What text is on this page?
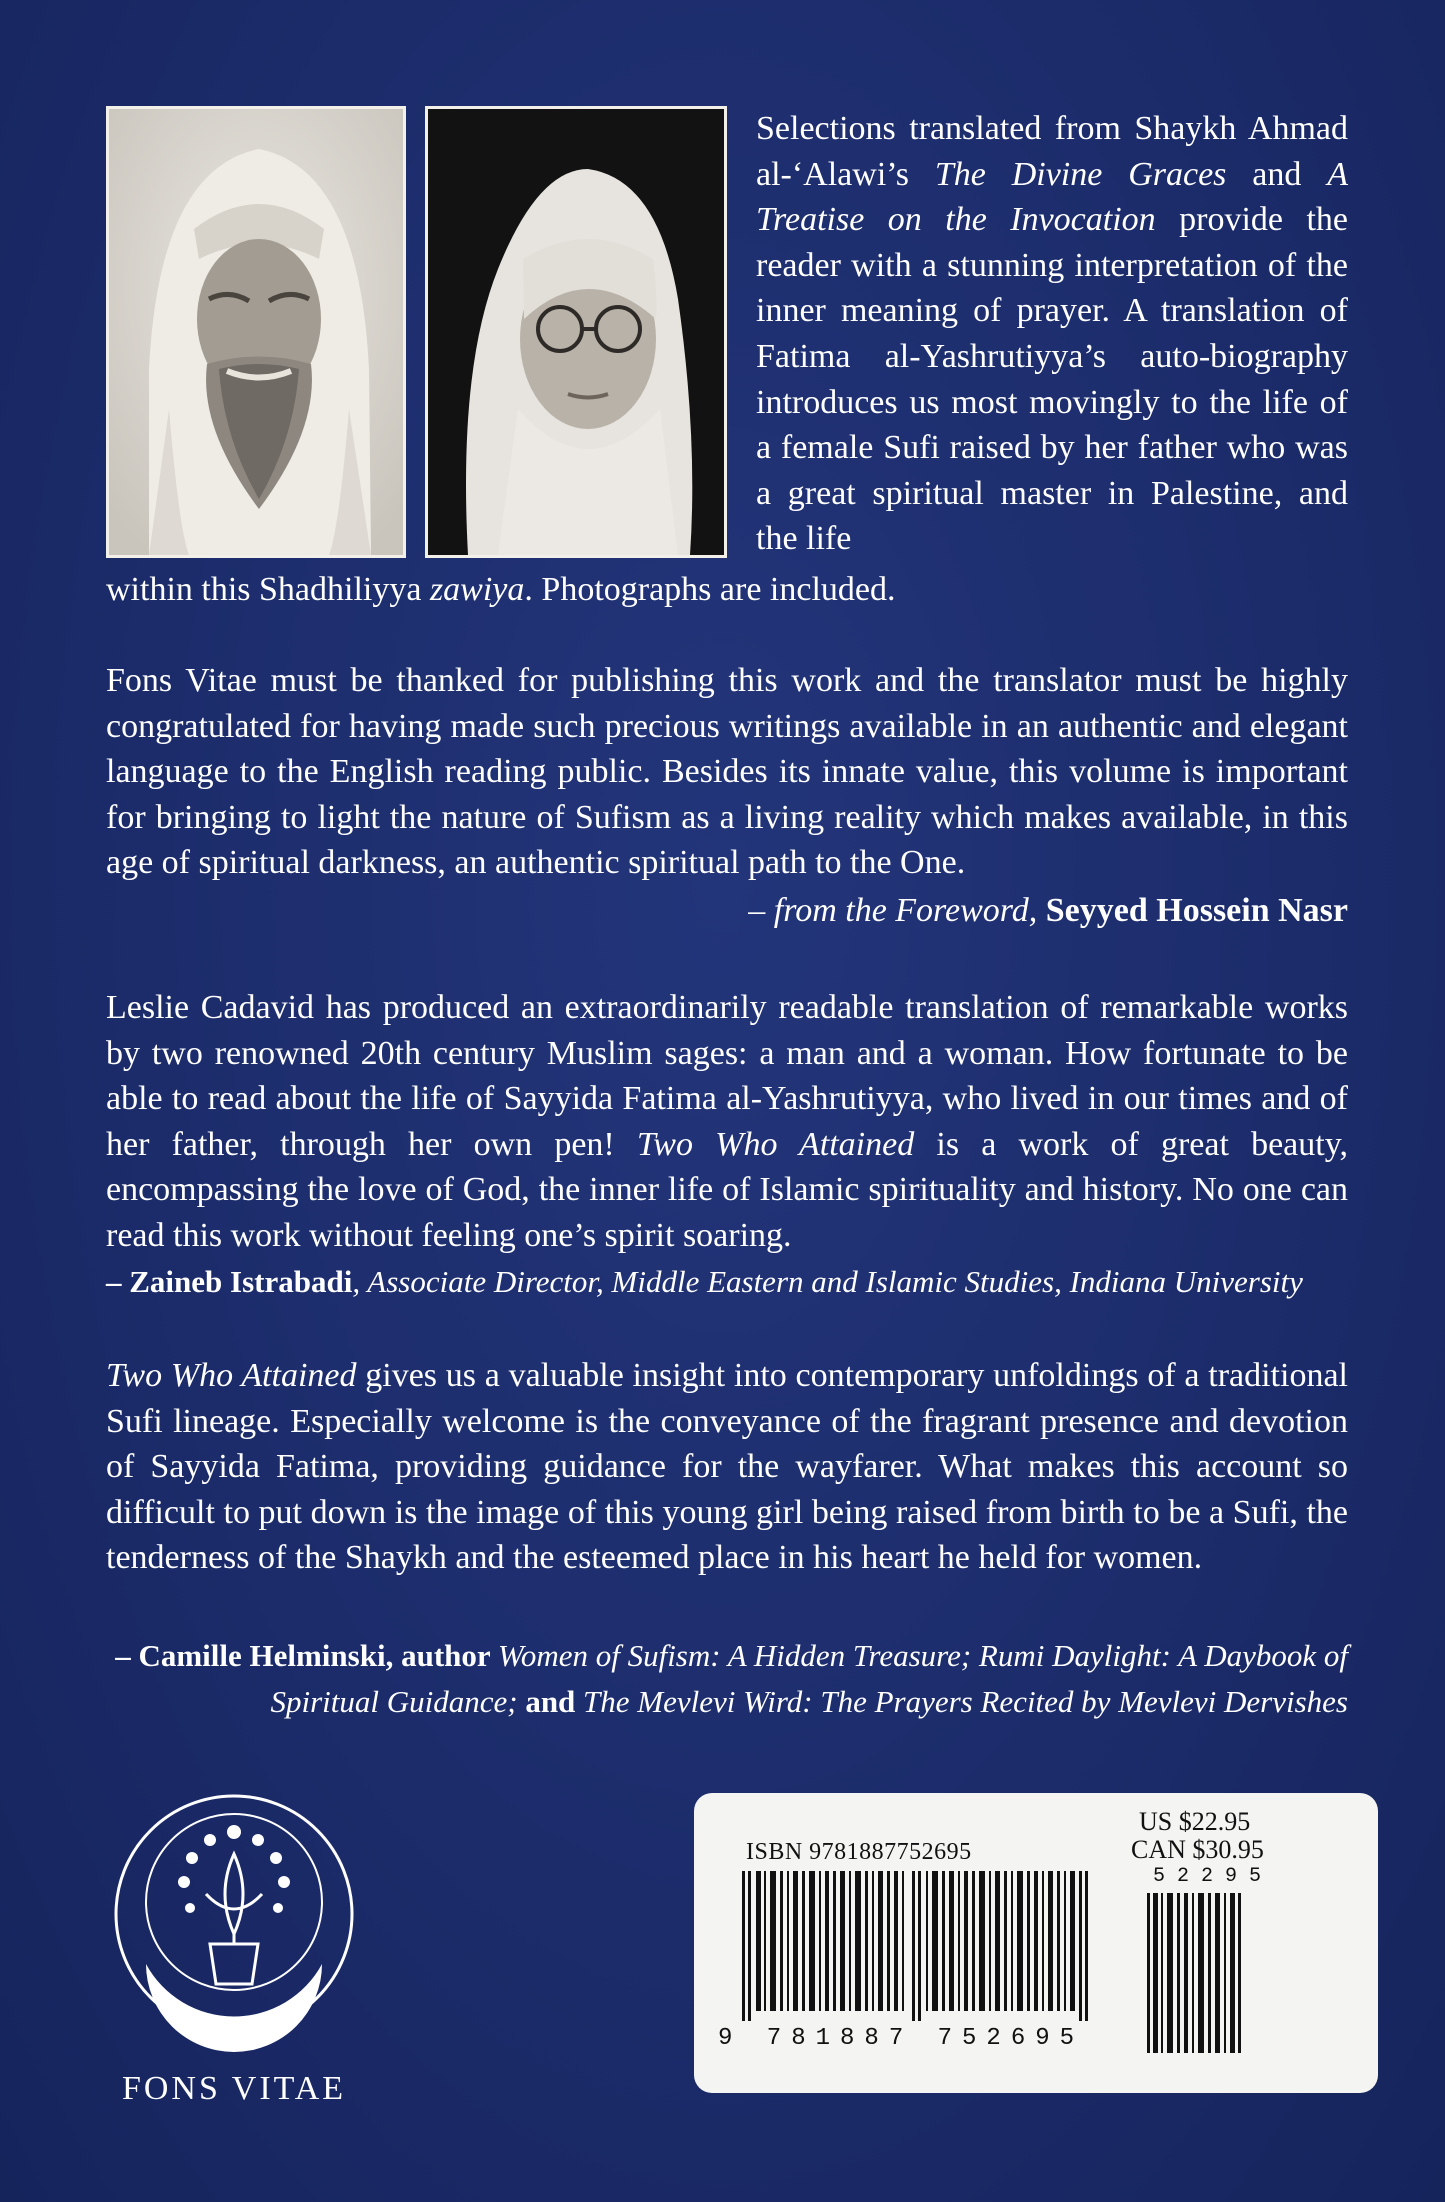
Selections translated from Shaykh Ahmad al-‘Alawi’s The Divine Graces and A Treatise on the Invocation provide the reader with a stunning interpretation of the inner meaning of prayer. A translation of Fatima al-Yashrutiyya’s auto-biography introduces us most movingly to the life of a female Sufi raised by her father who was a great spiritual master in Palestine, and the life
within this Shadhiliyya zawiya. Photographs are included.
Fons Vitae must be thanked for publishing this work and the translator must be highly congratulated for having made such precious writings available in an authentic and elegant language to the English reading public. Besides its innate value, this volume is important for bringing to light the nature of Sufism as a living reality which makes available, in this age of spiritual darkness, an authentic spiritual path to the One.
– from the Foreword, Seyyed Hossein Nasr
Leslie Cadavid has produced an extraordinarily readable translation of remarkable works by two renowned 20th century Muslim sages: a man and a woman. How fortunate to be able to read about the life of Sayyida Fatima al-Yashrutiyya, who lived in our times and of her father, through her own pen! Two Who Attained is a work of great beauty, encompassing the love of God, the inner life of Islamic spirituality and history. No one can read this work without feeling one’s spirit soaring.
– Zaineb Istrabadi, Associate Director, Middle Eastern and Islamic Studies, Indiana University
Two Who Attained gives us a valuable insight into contemporary unfoldings of a traditional Sufi lineage. Especially welcome is the conveyance of the fragrant presence and devotion of Sayyida Fatima, providing guidance for the wayfarer. What makes this account so difficult to put down is the image of this young girl being raised from birth to be a Sufi, the tenderness of the Shaykh and the esteemed place in his heart he held for women.
– Camille Helminski, author Women of Sufism: A Hidden Treasure; Rumi Daylight: A Daybook of Spiritual Guidance; and The Mevlevi Wird: The Prayers Recited by Mevlevi Dervishes
FONS VITAE
ISBN 9781887752695
9 781887 752695
US $22.95
CAN $30.95
52295
